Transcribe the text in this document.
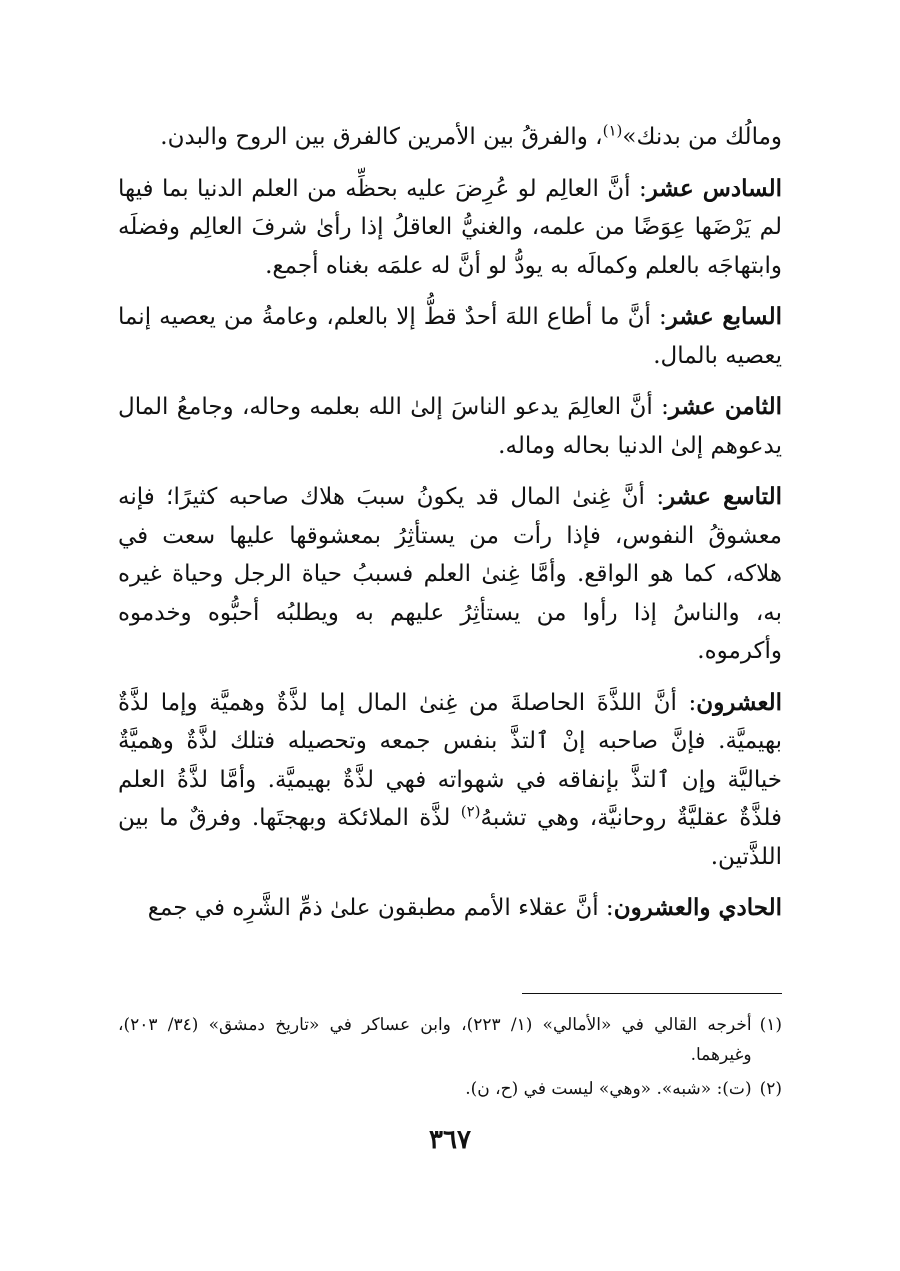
ومالُك من بدنك»$^{(١)}$، والفرقُ بين الأمرين كالفرق بين الروح والبدن.

السادس عشر: أنَّ العالِم لو عُرِضَ عليه بحظِّه من العلم الدنيا بما فيها لم يَرْضَها عِوَضًا من علمه، والغنيُّ العاقلُ إذا رأىٰ شرفَ العالِم وفضلَه وابتهاجَه بالعلم وكمالَه به يودُّ لو أنَّ له علمَه بغناه أجمع.

السابع عشر: أنَّ ما أطاع اللهَ أحدٌ قطُّ إلا بالعلم، وعامةُ من يعصيه إنما يعصيه بالمال.

الثامن عشر: أنَّ العالِمَ يدعو الناسَ إلىٰ الله بعلمه وحاله، وجامعُ المال يدعوهم إلىٰ الدنيا بحاله وماله.

التاسع عشر: أنَّ غِنىٰ المال قد يكونُ سببَ هلاك صاحبه كثيرًا؛ فإنه معشوقُ النفوس، فإذا رأت من يستأثِرُ بمعشوقها عليها سعت في هلاكه، كما هو الواقع. وأمَّا غِنىٰ العلم فسببُ حياة الرجل وحياة غيره به، والناسُ إذا رأوا من يستأثِرُ عليهم به ويطلبُه أحبُّوه وخدموه وأكرموه.

العشرون: أنَّ اللذَّةَ الحاصلةَ من غِنىٰ المال إما لذَّةٌ وهميَّة وإما لذَّةٌ بهيميَّة. فإنَّ صاحبه إنْ ٱلتذَّ بنفس جمعه وتحصيله فتلك لذَّةٌ وهميَّةٌ خياليَّة وإن ٱلتذَّ بإنفاقه في شهواته فهي لذَّةٌ بهيميَّة. وأمَّا لذَّةُ العلم فلذَّةٌ عقليَّةٌ روحانيَّة، وهي تشبهُ$^{(٢)}$ لذَّة الملائكة وبهجتَها. وفرقٌ ما بين اللذَّتين.

الحادي والعشرون: أنَّ عقلاء الأمم مطبقون علىٰ ذمِّ الشَّرِه في جمع

(١)
أخرجه القالي في «الأمالي» (١/ ٢٢٣)، وابن عساكر في «تاريخ دمشق» (٣٤/ ٢٠٣)، وغيرهما.
(٢)
(ت): «شبه». «وهي» ليست في (ح، ن).
٣٦٧
